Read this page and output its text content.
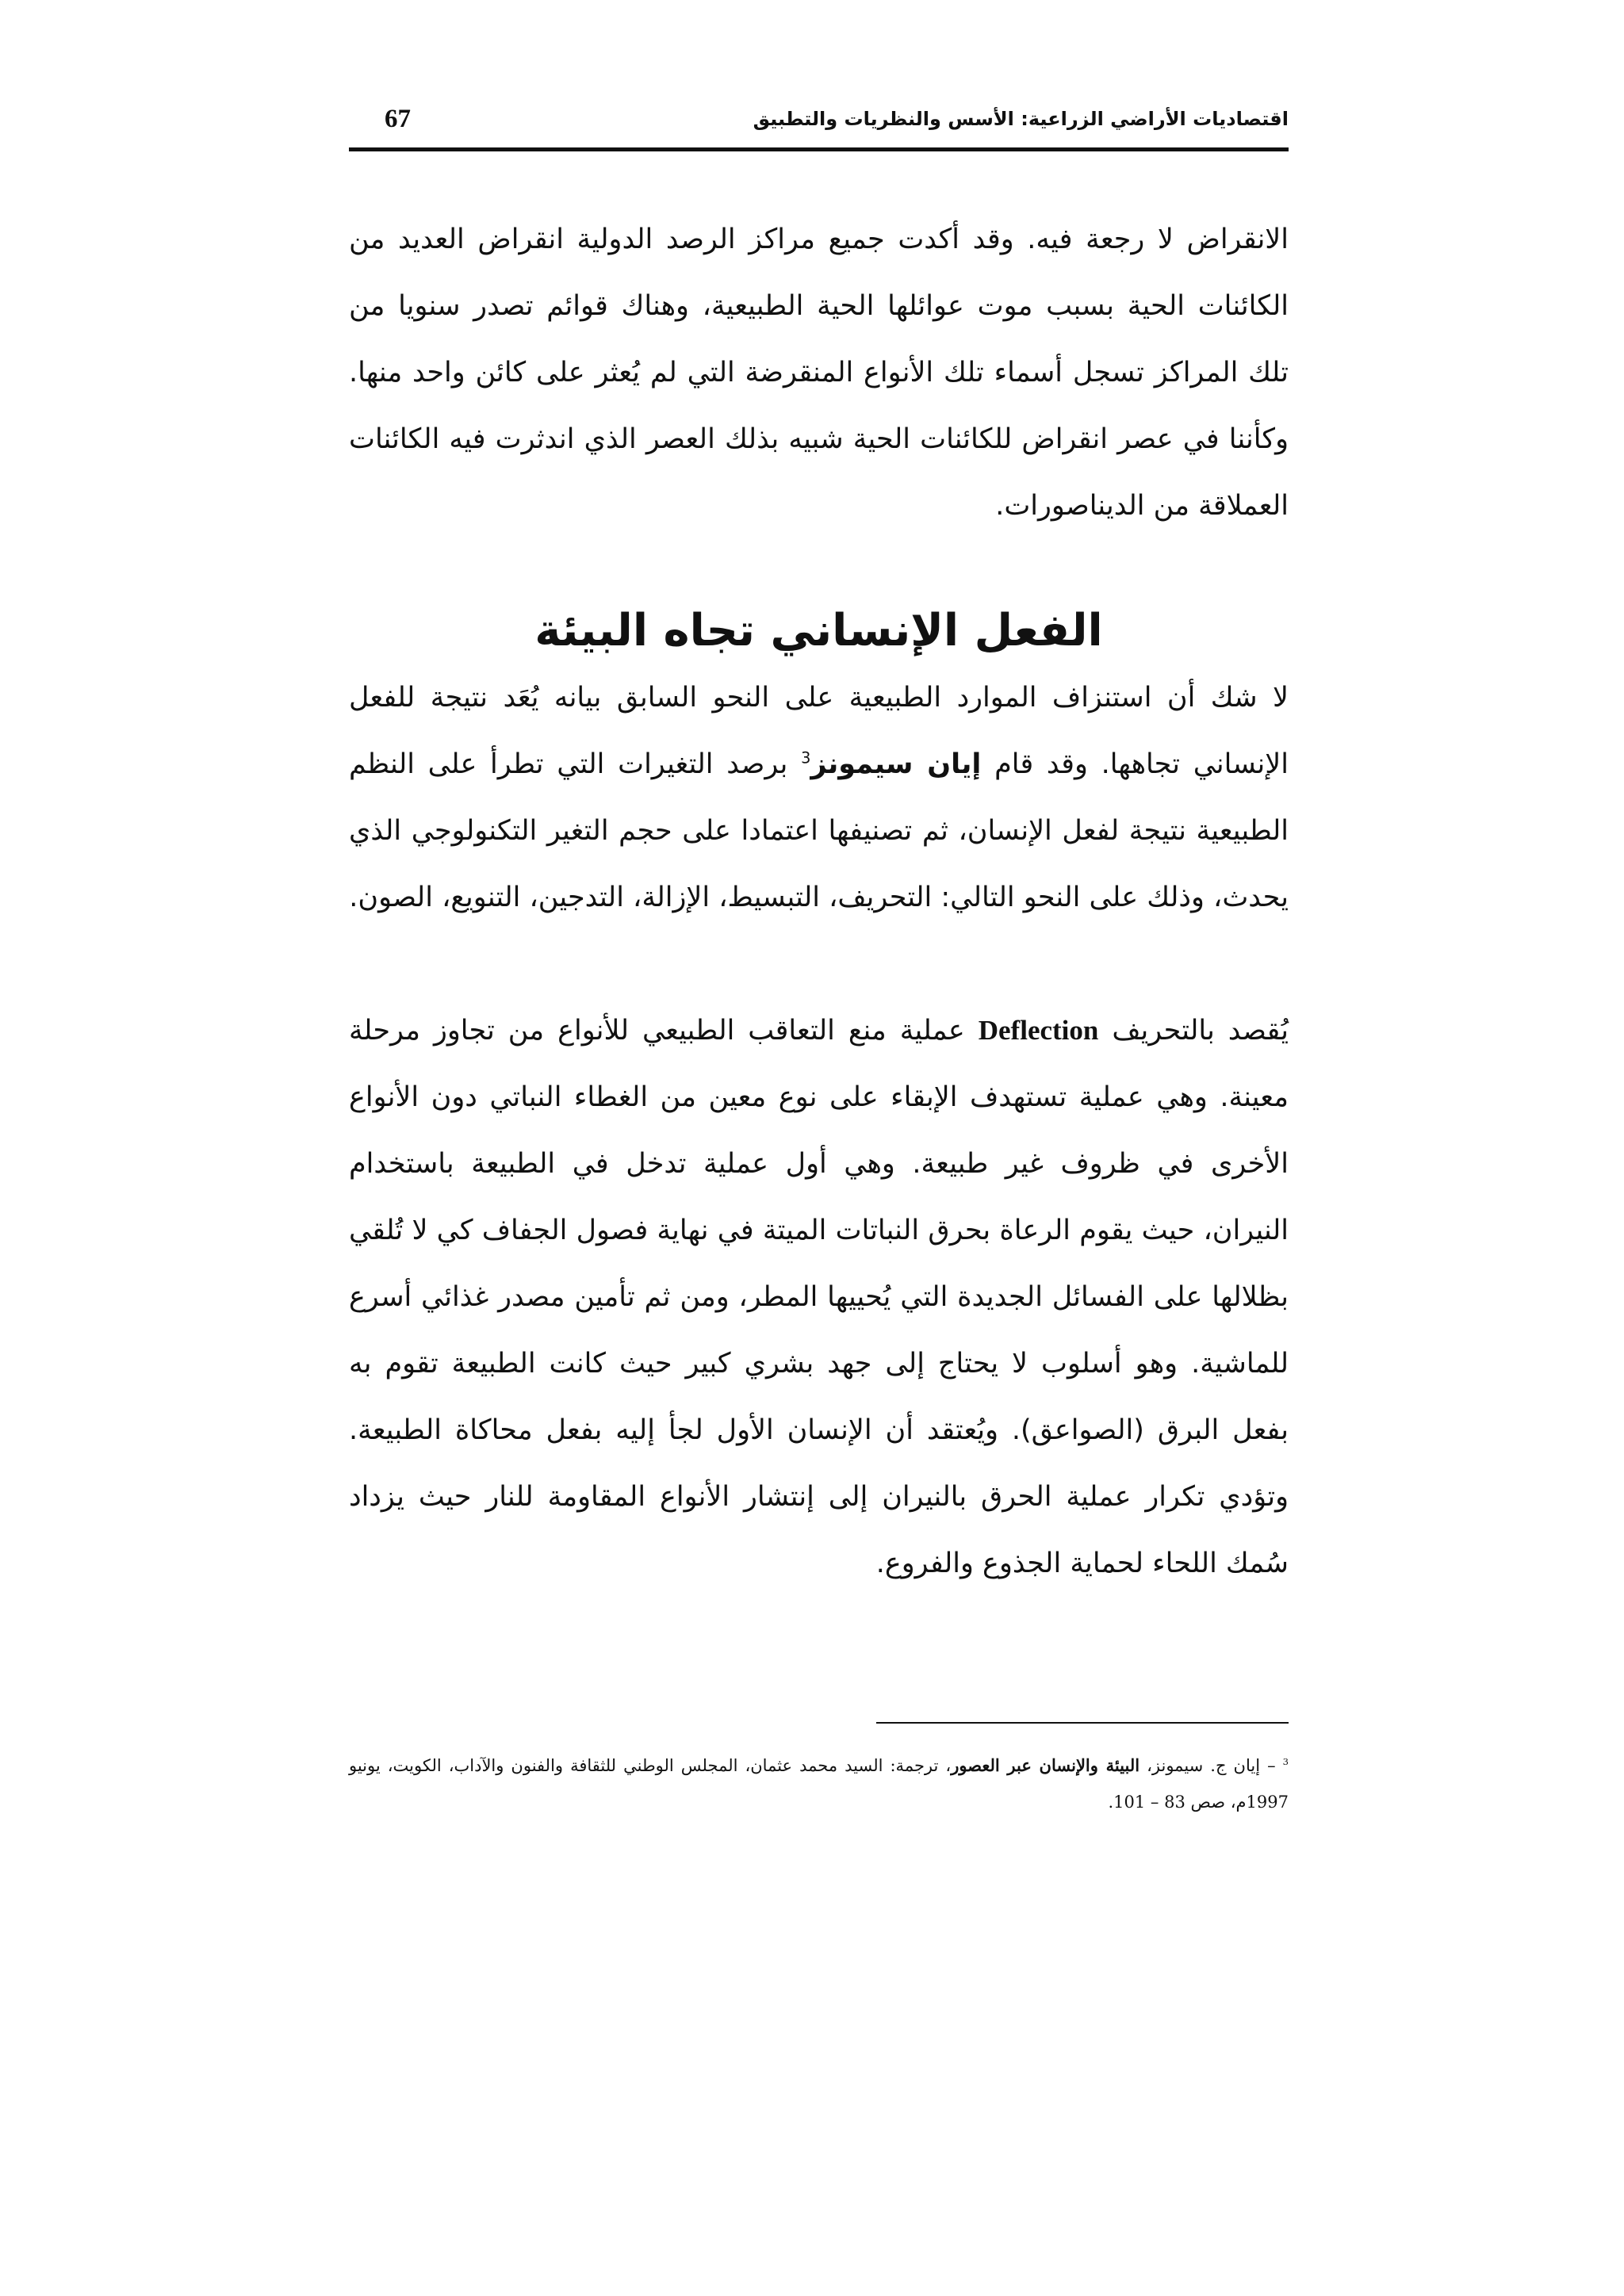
67	اقتصاديات الأراضي الزراعية: الأسس والنظريات والتطبيق

الانقراض لا رجعة فيه. وقد أكدت جميع مراكز الرصد الدولية انقراض العديد من الكائنات الحية بسبب موت عوائلها الحية الطبيعية، وهناك قوائم تصدر سنويا من تلك المراكز تسجل أسماء تلك الأنواع المنقرضة التي لم يُعثر على كائن واحد منها. وكأننا في عصر انقراض للكائنات الحية شبيه بذلك العصر الذي اندثرت فيه الكائنات العملاقة من الديناصورات.

الفعل الإنساني تجاه البيئة

لا شك أن استنزاف الموارد الطبيعية على النحو السابق بيانه يُعَد نتيجة للفعل الإنساني تجاهها. وقد قام إيان سيمونز$^3$ برصد التغيرات التي تطرأ على النظم الطبيعية نتيجة لفعل الإنسان، ثم تصنيفها اعتمادا على حجم التغير التكنولوجي الذي يحدث، وذلك على النحو التالي: التحريف، التبسيط، الإزالة، التدجين، التنويع، الصون.

يُقصد بالتحريف Deflection عملية منع التعاقب الطبيعي للأنواع من تجاوز مرحلة معينة. وهي عملية تستهدف الإبقاء على نوع معين من الغطاء النباتي دون الأنواع الأخرى في ظروف غير طبيعة. وهي أول عملية تدخل في الطبيعة باستخدام النيران، حيث يقوم الرعاة بحرق النباتات الميتة في نهاية فصول الجفاف كي لا تُلقي بظلالها على الفسائل الجديدة التي يُحييها المطر، ومن ثم تأمين مصدر غذائي أسرع للماشية. وهو أسلوب لا يحتاج إلى جهد بشري كبير حيث كانت الطبيعة تقوم به بفعل البرق (الصواعق). ويُعتقد أن الإنسان الأول لجأ إليه بفعل محاكاة الطبيعة. وتؤدي تكرار عملية الحرق بالنيران إلى إنتشار الأنواع المقاومة للنار حيث يزداد سُمك اللحاء لحماية الجذوع والفروع.

$^3$ – إيان ج. سيمونز، البيئة والإنسان عبر العصور، ترجمة: السيد محمد عثمان، المجلس الوطني للثقافة والفنون والآداب، الكويت، يونيو 1997م، صص 83 – 101.
